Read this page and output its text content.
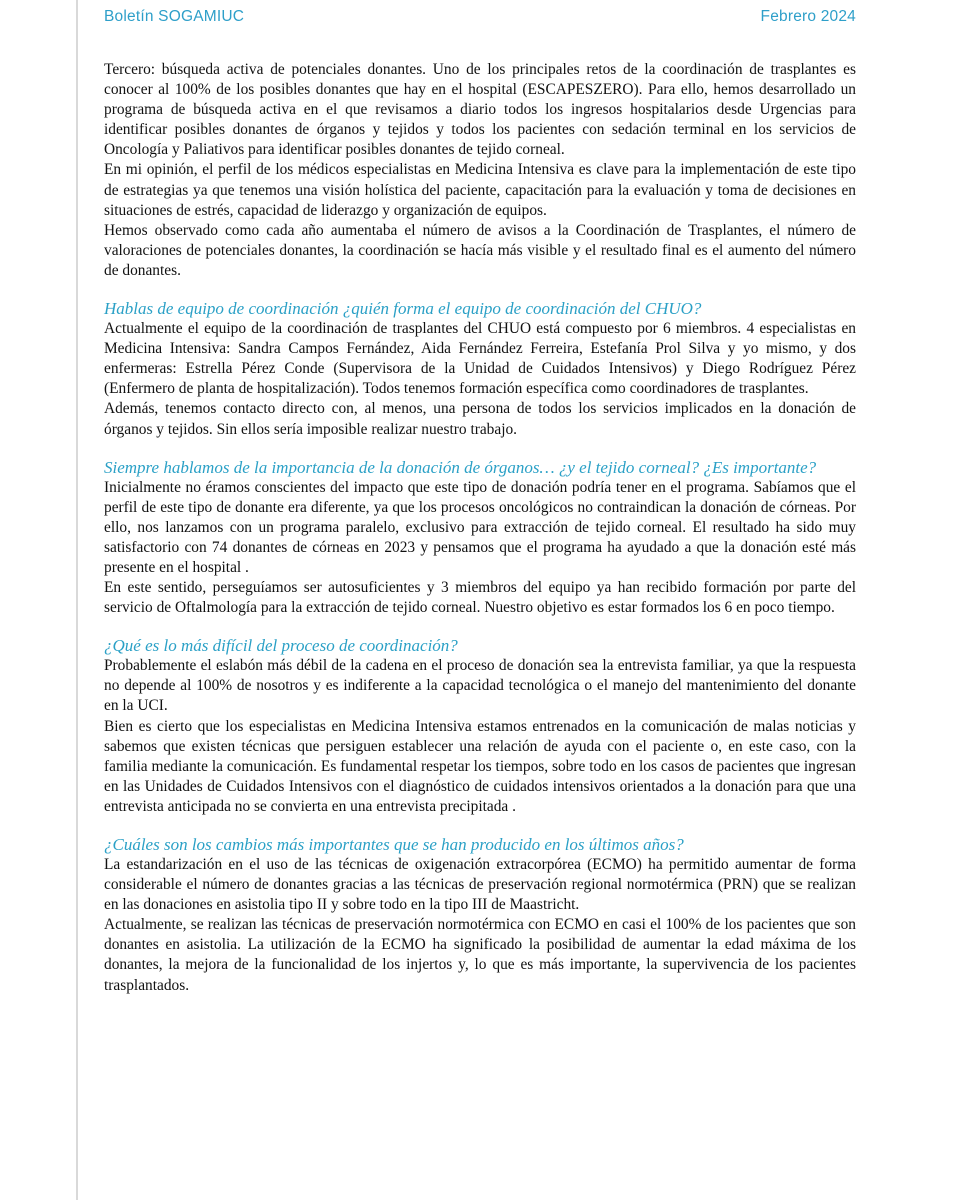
Boletín SOGAMIUC	Febrero 2024

Tercero: búsqueda activa de potenciales donantes. Uno de los principales retos de la coordinación de trasplantes es conocer al 100% de los posibles donantes que hay en el hospital (ESCAPESZERO). Para ello, hemos desarrollado un programa de búsqueda activa en el que revisamos a diario todos los ingresos hospitalarios desde Urgencias para identificar posibles donantes de órganos y tejidos y todos los pacientes con sedación terminal en los servicios de Oncología y Paliativos para identificar posibles donantes de tejido corneal.

En mi opinión, el perfil de los médicos especialistas en Medicina Intensiva es clave para la implementación de este tipo de estrategias ya que tenemos una visión holística del paciente, capacitación para la evaluación y toma de decisiones en situaciones de estrés, capacidad de liderazgo y organización de equipos.

Hemos observado como cada año aumentaba el número de avisos a la Coordinación de Trasplantes, el número de valoraciones de potenciales donantes, la coordinación se hacía más visible y el resultado final es el aumento del número de donantes.

Hablas de equipo de coordinación ¿quién forma el equipo de coordinación del CHUO?

Actualmente el equipo de la coordinación de trasplantes del CHUO está compuesto por 6 miembros. 4 especialistas en Medicina Intensiva: Sandra Campos Fernández, Aida Fernández Ferreira, Estefanía Prol Silva y yo mismo, y dos enfermeras: Estrella Pérez Conde (Supervisora de la Unidad de Cuidados Intensivos) y Diego Rodríguez Pérez (Enfermero de planta de hospitalización). Todos tenemos formación específica como coordinadores de trasplantes.

Además, tenemos contacto directo con, al menos, una persona de todos los servicios implicados en la donación de órganos y tejidos. Sin ellos sería imposible realizar nuestro trabajo.

Siempre hablamos de la importancia de la donación de órganos… ¿y el tejido corneal? ¿Es importante?

Inicialmente no éramos conscientes del impacto que este tipo de donación podría tener en el programa. Sabíamos que el perfil de este tipo de donante era diferente, ya que los procesos oncológicos no contraindican la donación de córneas. Por ello, nos lanzamos con un programa paralelo, exclusivo para extracción de tejido corneal. El resultado ha sido muy satisfactorio con 74 donantes de córneas en 2023 y pensamos que el programa ha ayudado a que la donación esté más presente en el hospital .

En este sentido, perseguíamos ser autosuficientes y 3 miembros del equipo ya han recibido formación por parte del servicio de Oftalmología para la extracción de tejido corneal. Nuestro objetivo es estar formados los 6 en poco tiempo.

¿Qué es lo más difícil del proceso de coordinación?

Probablemente el eslabón más débil de la cadena en el proceso de donación sea la entrevista familiar, ya que la respuesta no depende al 100% de nosotros y es indiferente a la capacidad tecnológica o el manejo del mantenimiento del donante en la UCI.

Bien es cierto que los especialistas en Medicina Intensiva estamos entrenados en la comunicación de malas noticias y sabemos que existen técnicas que persiguen establecer una relación de ayuda con el paciente o, en este caso, con la familia mediante la comunicación. Es fundamental respetar los tiempos, sobre todo en los casos de pacientes que ingresan en las Unidades de Cuidados Intensivos con el diagnóstico de cuidados intensivos orientados a la donación para que una entrevista anticipada no se convierta en una entrevista precipitada .

¿Cuáles son los cambios más importantes que se han producido en los últimos años?

La estandarización en el uso de las técnicas de oxigenación extracorpórea (ECMO) ha permitido aumentar de forma considerable el número de donantes gracias a las técnicas de preservación regional normotérmica (PRN) que se realizan en las donaciones en asistolia tipo II y sobre todo en la tipo III de Maastricht.

Actualmente, se realizan las técnicas de preservación normotérmica con ECMO en casi el 100% de los pacientes que son donantes en asistolia. La utilización de la ECMO ha significado la posibilidad de aumentar la edad máxima de los donantes, la mejora de la funcionalidad de los injertos y, lo que es más importante, la supervivencia de los pacientes trasplantados.
